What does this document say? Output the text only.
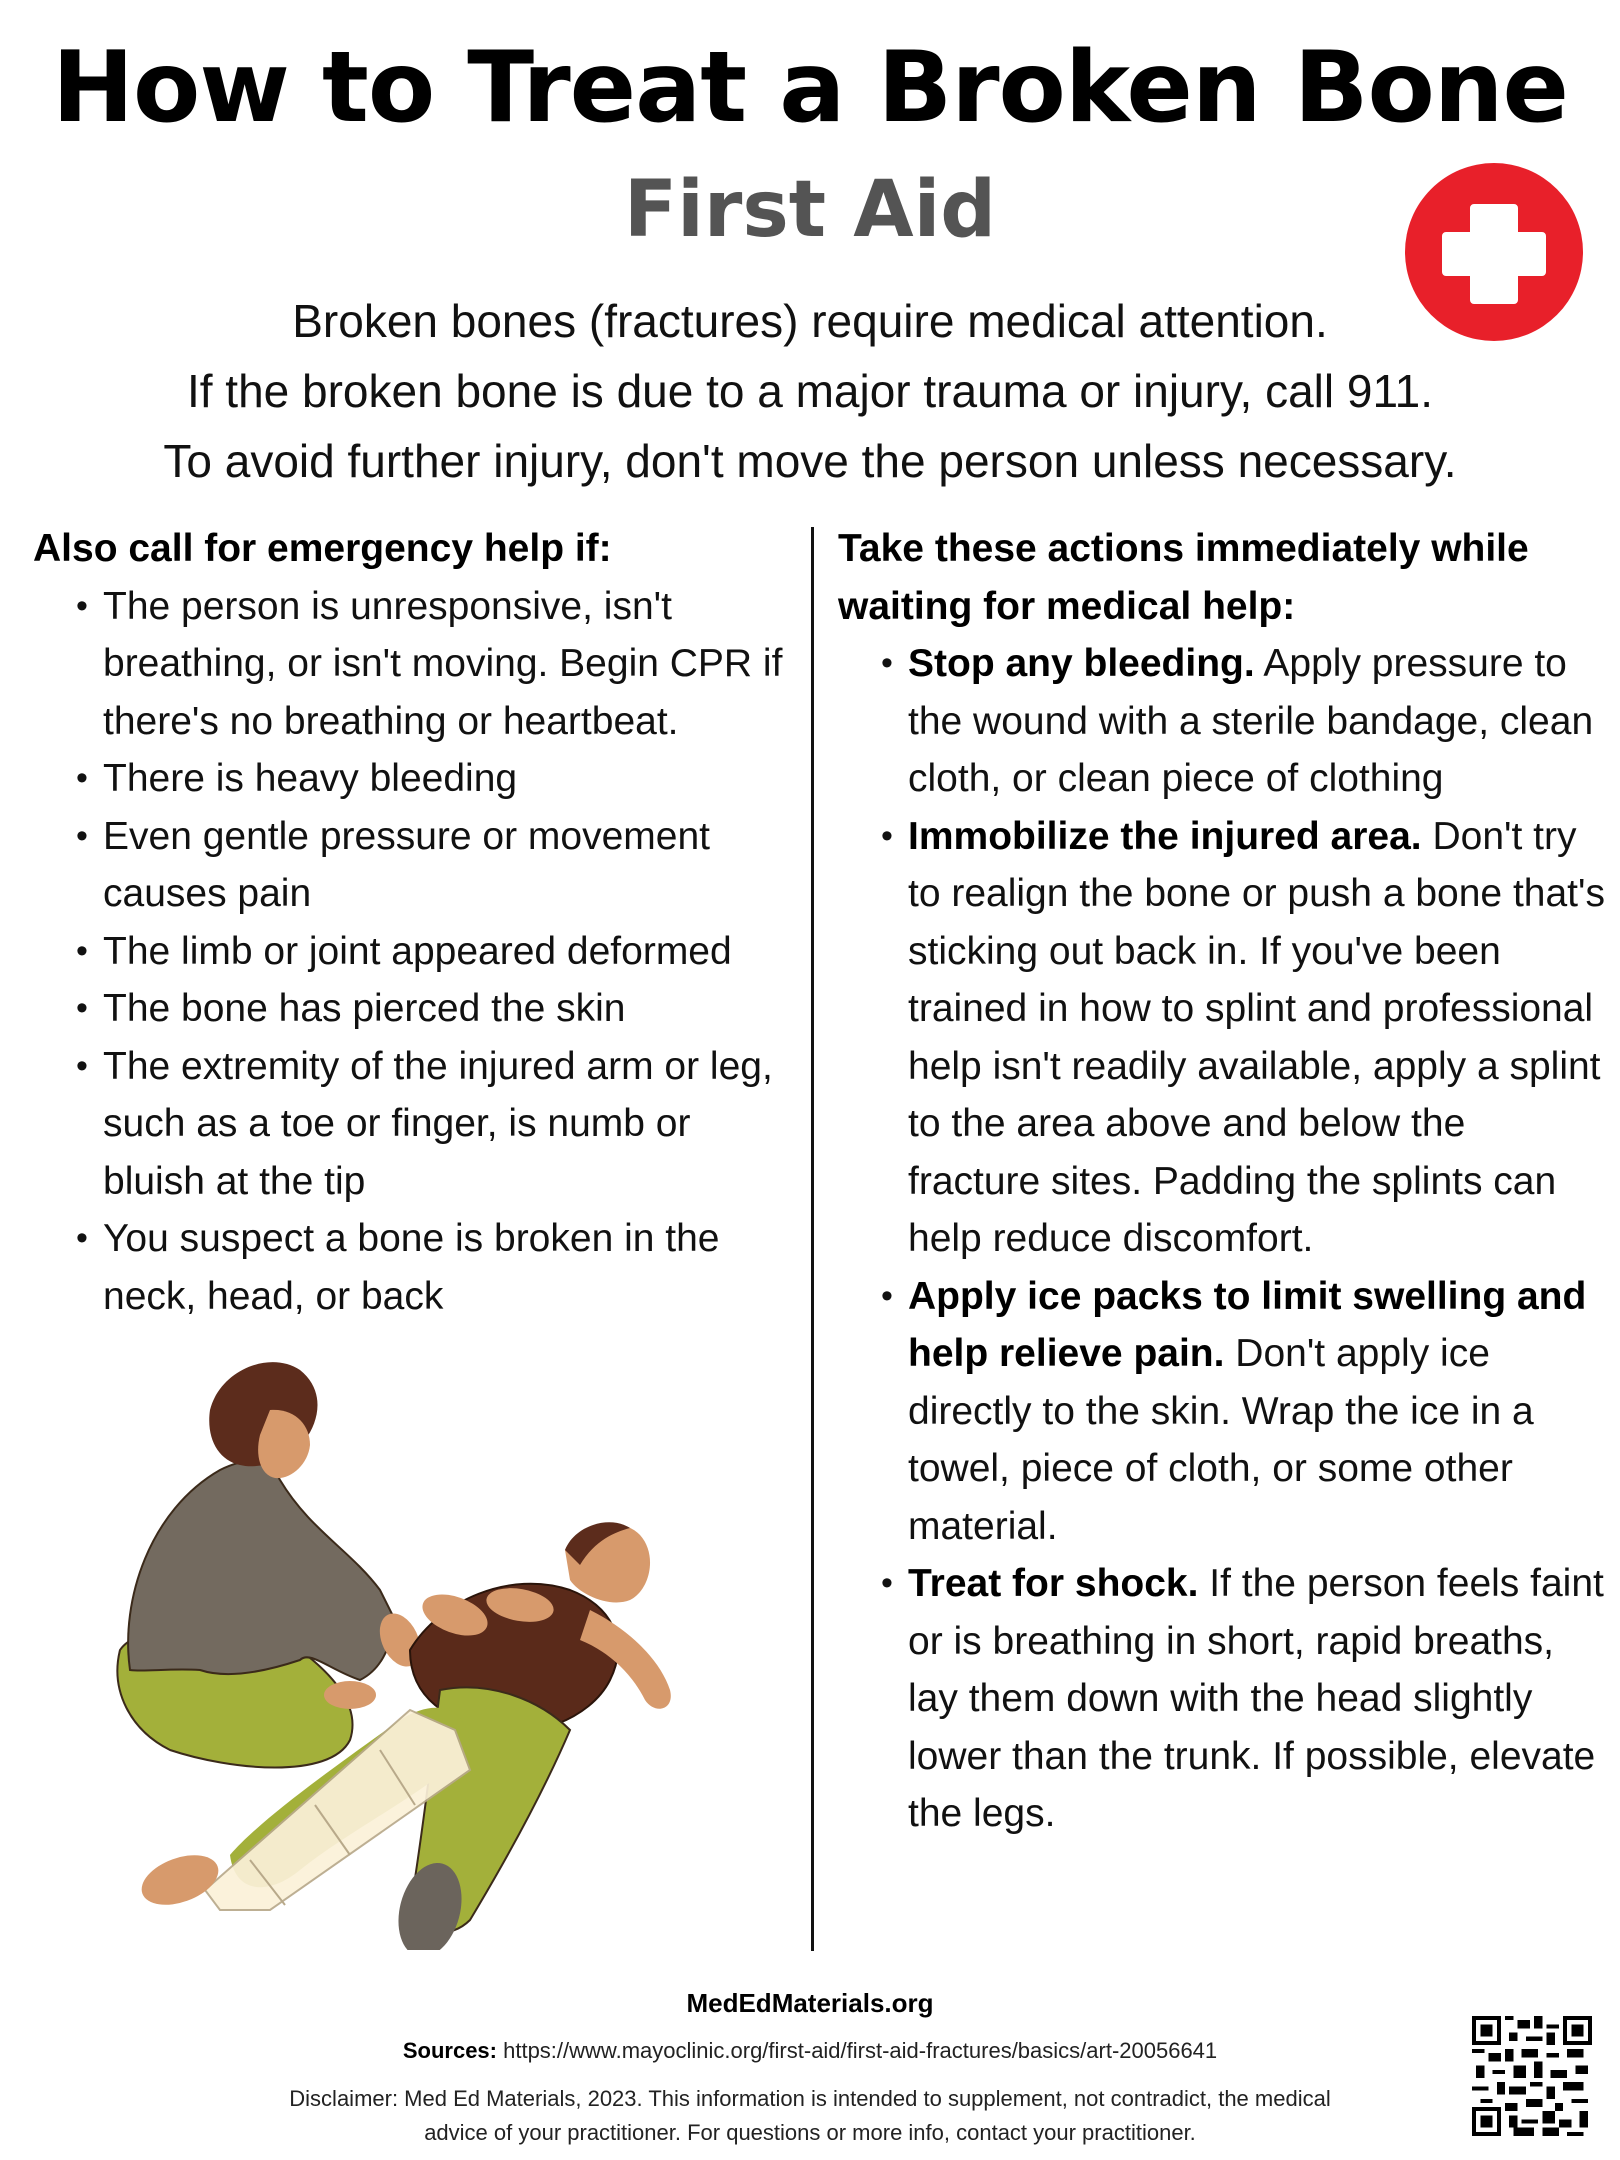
How to Treat a Broken Bone
First Aid
Broken bones (fractures) require medical attention.
If the broken bone is due to a major trauma or injury, call 911.
To avoid further injury, don't move the person unless necessary.
Also call for emergency help if:
• The person is unresponsive, isn't breathing, or isn't moving. Begin CPR if there's no breathing or heartbeat.
• There is heavy bleeding
• Even gentle pressure or movement causes pain
• The limb or joint appeared deformed
• The bone has pierced the skin
• The extremity of the injured arm or leg, such as a toe or finger, is numb or bluish at the tip
• You suspect a bone is broken in the neck, head, or back
Take these actions immediately while
waiting for medical help:
• Stop any bleeding. Apply pressure to the wound with a sterile bandage, clean cloth, or clean piece of clothing
• Immobilize the injured area. Don't try to realign the bone or push a bone that's sticking out back in. If you've been trained in how to splint and professional help isn't readily available, apply a splint to the area above and below the fracture sites. Padding the splints can help reduce discomfort.
• Apply ice packs to limit swelling and help relieve pain. Don't apply ice directly to the skin. Wrap the ice in a towel, piece of cloth, or some other material.
• Treat for shock. If the person feels faint or is breathing in short, rapid breaths, lay them down with the head slightly lower than the trunk. If possible, elevate the legs.
MedEdMaterials.org
Sources: https://www.mayoclinic.org/first-aid/first-aid-fractures/basics/art-20056641
Disclaimer: Med Ed Materials, 2023. This information is intended to supplement, not contradict, the medical
advice of your practitioner. For questions or more info, contact your practitioner.
